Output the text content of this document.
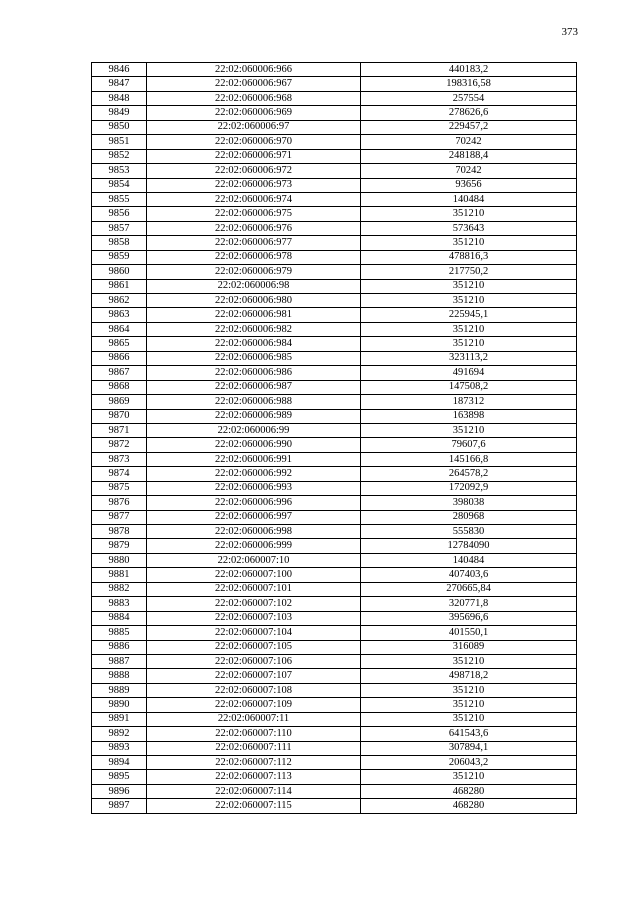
373
9846	22:02:060006:966	440183,2
9847	22:02:060006:967	198316,58
9848	22:02:060006:968	257554
9849	22:02:060006:969	278626,6
9850	22:02:060006:97	229457,2
9851	22:02:060006:970	70242
9852	22:02:060006:971	248188,4
9853	22:02:060006:972	70242
9854	22:02:060006:973	93656
9855	22:02:060006:974	140484
9856	22:02:060006:975	351210
9857	22:02:060006:976	573643
9858	22:02:060006:977	351210
9859	22:02:060006:978	478816,3
9860	22:02:060006:979	217750,2
9861	22:02:060006:98	351210
9862	22:02:060006:980	351210
9863	22:02:060006:981	225945,1
9864	22:02:060006:982	351210
9865	22:02:060006:984	351210
9866	22:02:060006:985	323113,2
9867	22:02:060006:986	491694
9868	22:02:060006:987	147508,2
9869	22:02:060006:988	187312
9870	22:02:060006:989	163898
9871	22:02:060006:99	351210
9872	22:02:060006:990	79607,6
9873	22:02:060006:991	145166,8
9874	22:02:060006:992	264578,2
9875	22:02:060006:993	172092,9
9876	22:02:060006:996	398038
9877	22:02:060006:997	280968
9878	22:02:060006:998	555830
9879	22:02:060006:999	12784090
9880	22:02:060007:10	140484
9881	22:02:060007:100	407403,6
9882	22:02:060007:101	270665,84
9883	22:02:060007:102	320771,8
9884	22:02:060007:103	395696,6
9885	22:02:060007:104	401550,1
9886	22:02:060007:105	316089
9887	22:02:060007:106	351210
9888	22:02:060007:107	498718,2
9889	22:02:060007:108	351210
9890	22:02:060007:109	351210
9891	22:02:060007:11	351210
9892	22:02:060007:110	641543,6
9893	22:02:060007:111	307894,1
9894	22:02:060007:112	206043,2
9895	22:02:060007:113	351210
9896	22:02:060007:114	468280
9897	22:02:060007:115	468280
